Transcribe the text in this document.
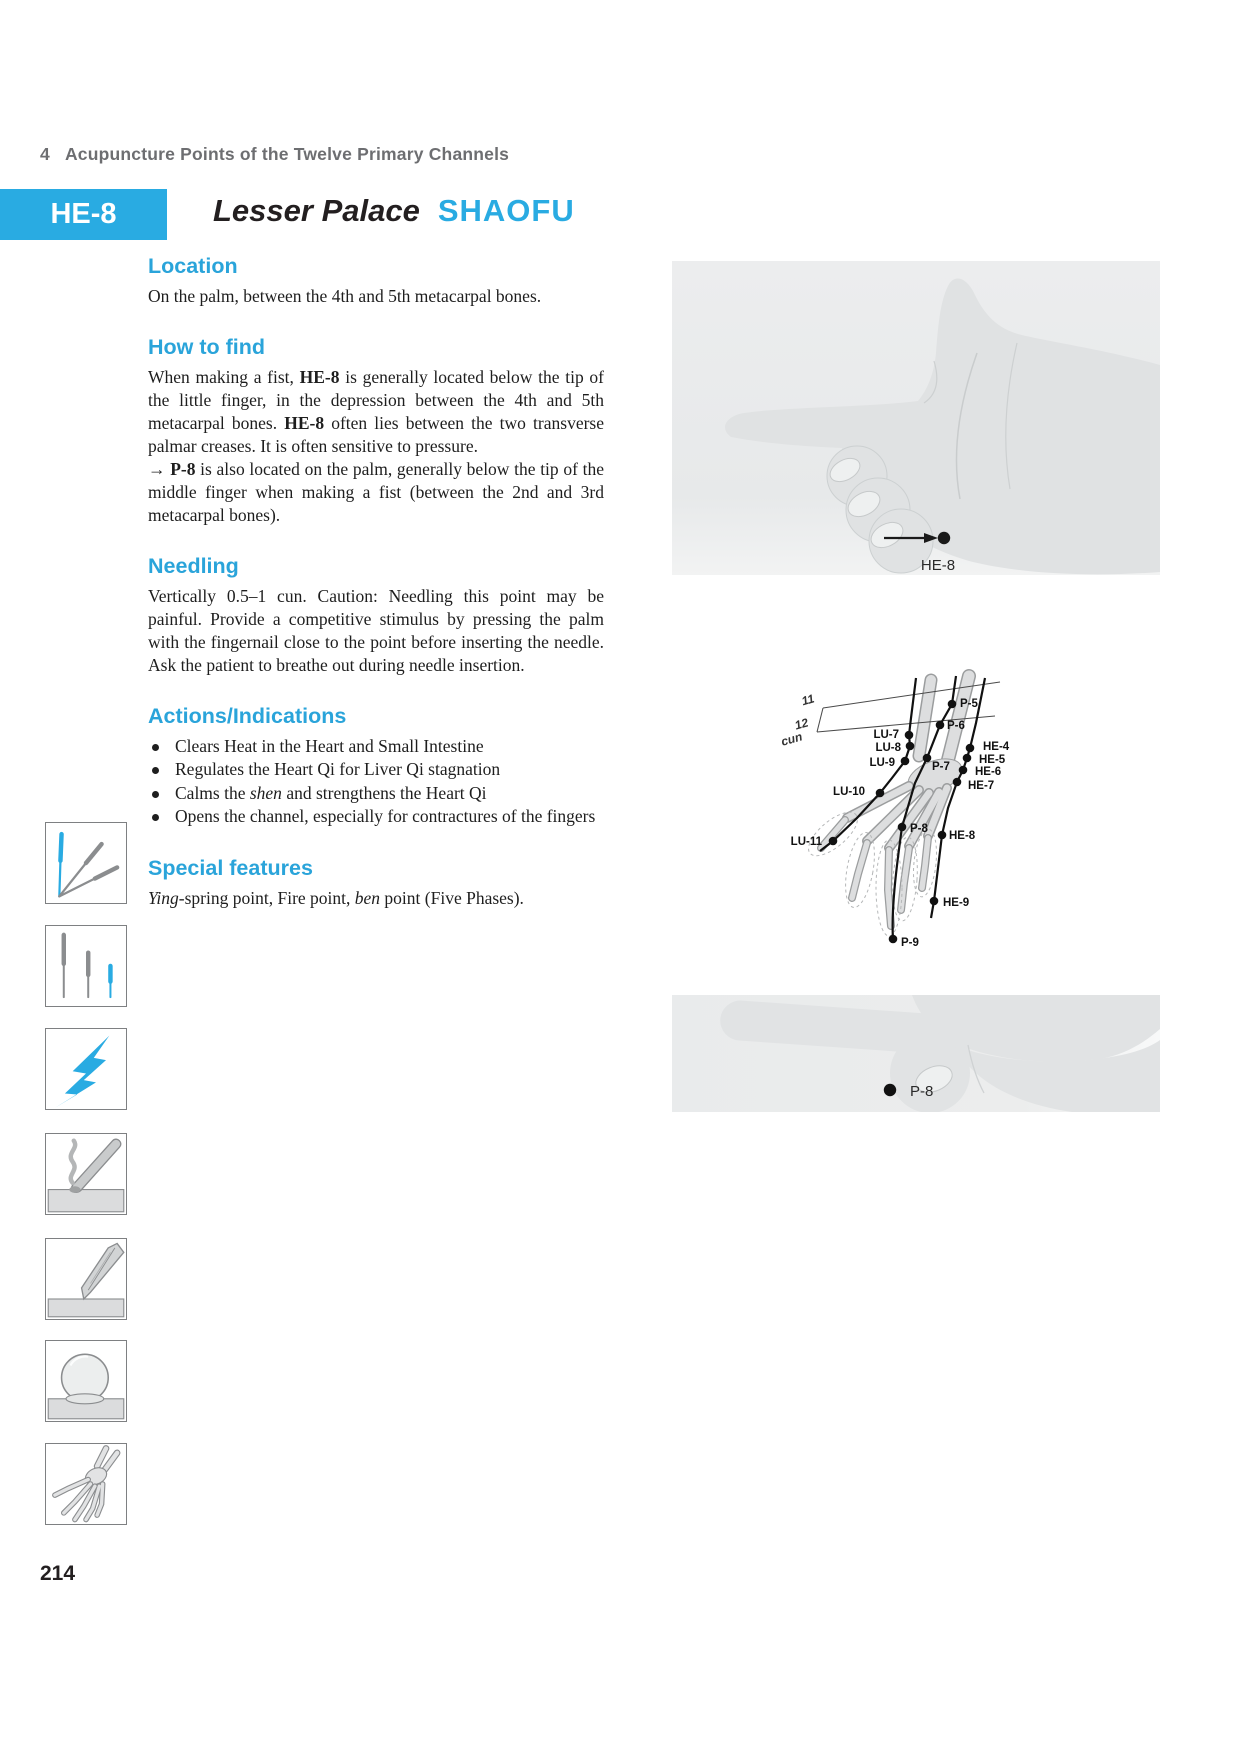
4 Acupuncture Points of the Twelve Primary Channels
HE-8	Lesser Palace SHAOFU
Location

On the palm, between the 4th and 5th metacarpal bones.

How to find

When making a fist, HE-8 is generally located below the tip of the little finger, in the depression between the 4th and 5th metacarpal bones. HE-8 often lies between the two transverse palmar creases. It is often sensitive to pressure.

→ P-8 is also located on the palm, generally below the tip of the middle finger when making a fist (between the 2nd and 3rd metacarpal bones).

Needling

Vertically 0.5–1 cun. Caution: Needling this point may be painful. Provide a competitive stimulus by pressing the palm with the fingernail close to the point before inserting the needle. Ask the patient to breathe out during needle insertion.

Actions/Indications
Clears Heat in the Heart and Small Intestine
Regulates the Heart Qi for Liver Qi stagnation
Calms the shen and strengthens the Heart Qi
Opens the channel, especially for contractures of the fingers
Special features

Ying-spring point, Fire point, ben point (Five Phases).

HE-8
11
12
cun	LU-7
LU-8
LU-9
LU-10
LU-11
P-5
P-6
P-7
P-8
P-9
HE-4
HE-5
HE-6
HE-7
HE-8
HE-9
P-8
214
